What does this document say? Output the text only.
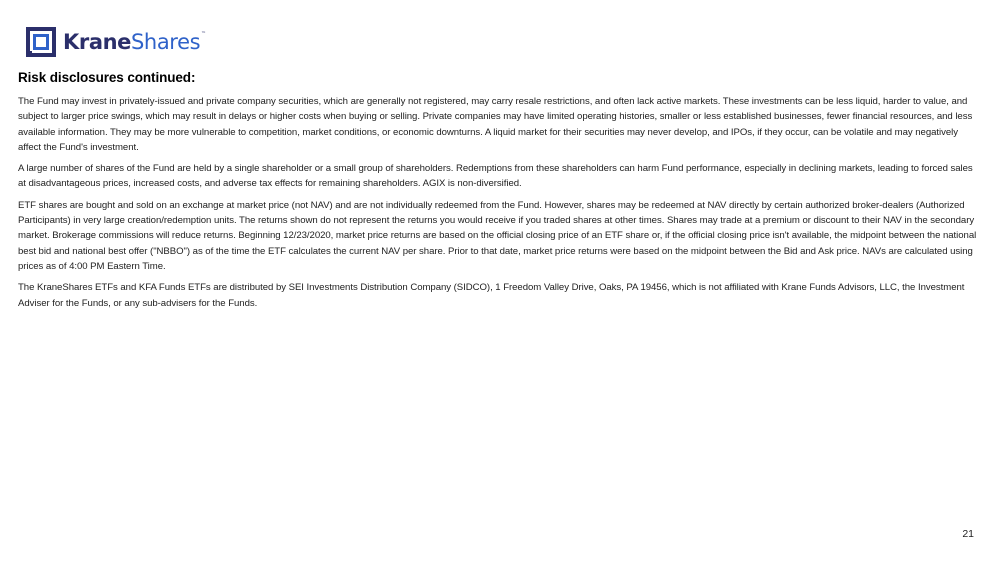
KraneShares™
Risk disclosures continued:

The Fund may invest in privately-issued and private company securities, which are generally not registered, may carry resale restrictions, and often lack active markets. These investments can be less liquid, harder to value, and subject to larger price swings, which may result in delays or higher costs when buying or selling. Private companies may have limited operating histories, smaller or less established businesses, fewer financial resources, and less available information. They may be more vulnerable to competition, market conditions, or economic downturns. A liquid market for their securities may never develop, and IPOs, if they occur, can be volatile and may negatively affect the Fund's investment.

A large number of shares of the Fund are held by a single shareholder or a small group of shareholders. Redemptions from these shareholders can harm Fund performance, especially in declining markets, leading to forced sales at disadvantageous prices, increased costs, and adverse tax effects for remaining shareholders. AGIX is non-diversified.

ETF shares are bought and sold on an exchange at market price (not NAV) and are not individually redeemed from the Fund. However, shares may be redeemed at NAV directly by certain authorized broker-dealers (Authorized Participants) in very large creation/redemption units. The returns shown do not represent the returns you would receive if you traded shares at other times. Shares may trade at a premium or discount to their NAV in the secondary market. Brokerage commissions will reduce returns. Beginning 12/23/2020, market price returns are based on the official closing price of an ETF share or, if the official closing price isn't available, the midpoint between the national best bid and national best offer ("NBBO") as of the time the ETF calculates the current NAV per share. Prior to that date, market price returns were based on the midpoint between the Bid and Ask price. NAVs are calculated using prices as of 4:00 PM Eastern Time.

The KraneShares ETFs and KFA Funds ETFs are distributed by SEI Investments Distribution Company (SIDCO), 1 Freedom Valley Drive, Oaks, PA 19456, which is not affiliated with Krane Funds Advisors, LLC, the Investment Adviser for the Funds, or any sub-advisers for the Funds.

21
